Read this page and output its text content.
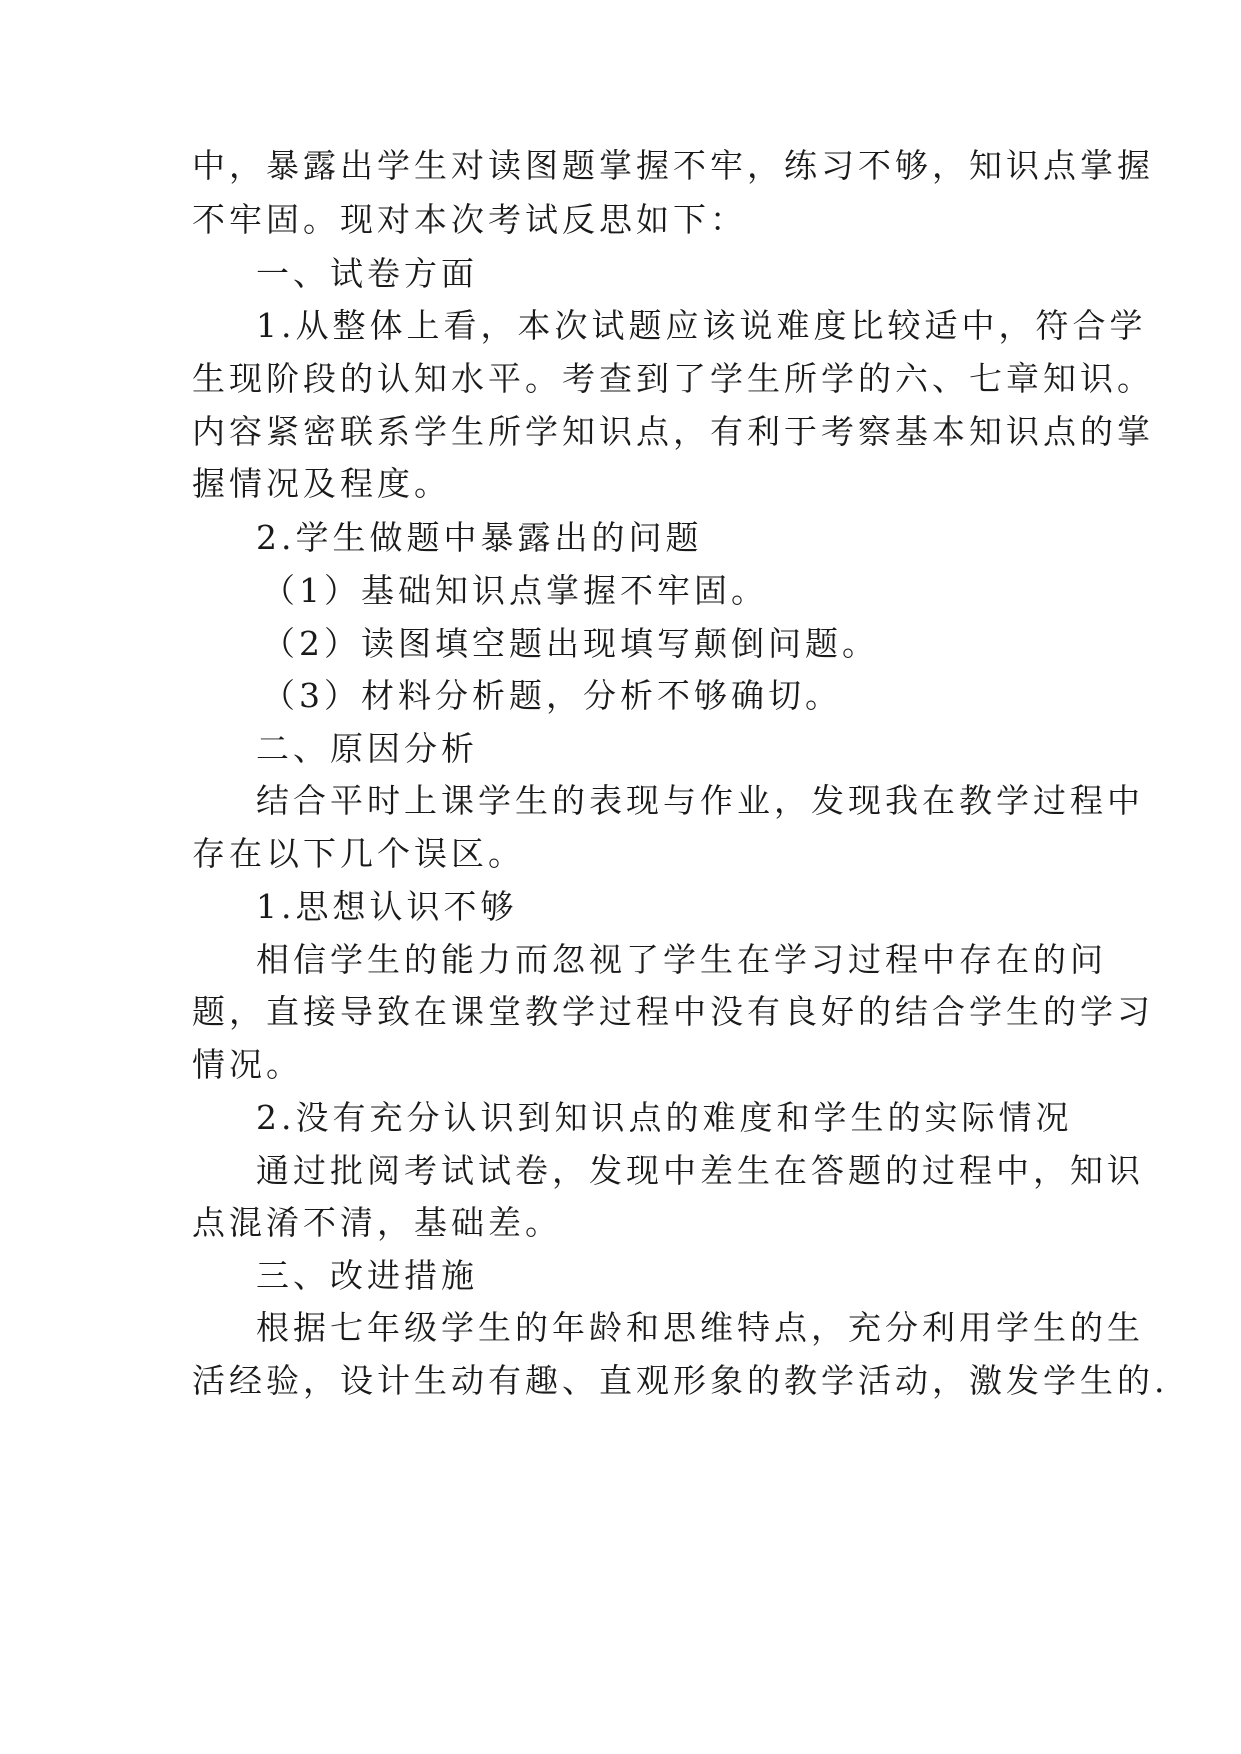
中，暴露出学生对读图题掌握不牢，练习不够，知识点掌握
不牢固。现对本次考试反思如下：
一、试卷方面
1.从整体上看，本次试题应该说难度比较适中，符合学
生现阶段的认知水平。考查到了学生所学的六、七章知识。
内容紧密联系学生所学知识点，有利于考察基本知识点的掌
握情况及程度。
2.学生做题中暴露出的问题
（1）基础知识点掌握不牢固。
（2）读图填空题出现填写颠倒问题。
（3）材料分析题，分析不够确切。
二、原因分析
结合平时上课学生的表现与作业，发现我在教学过程中
存在以下几个误区。
1.思想认识不够
相信学生的能力而忽视了学生在学习过程中存在的问
题，直接导致在课堂教学过程中没有良好的结合学生的学习
情况。
2.没有充分认识到知识点的难度和学生的实际情况
通过批阅考试试卷，发现中差生在答题的过程中，知识
点混淆不清，基础差。
三、改进措施
根据七年级学生的年龄和思维特点，充分利用学生的生
活经验，设计生动有趣、直观形象的教学活动，激发学生的.
